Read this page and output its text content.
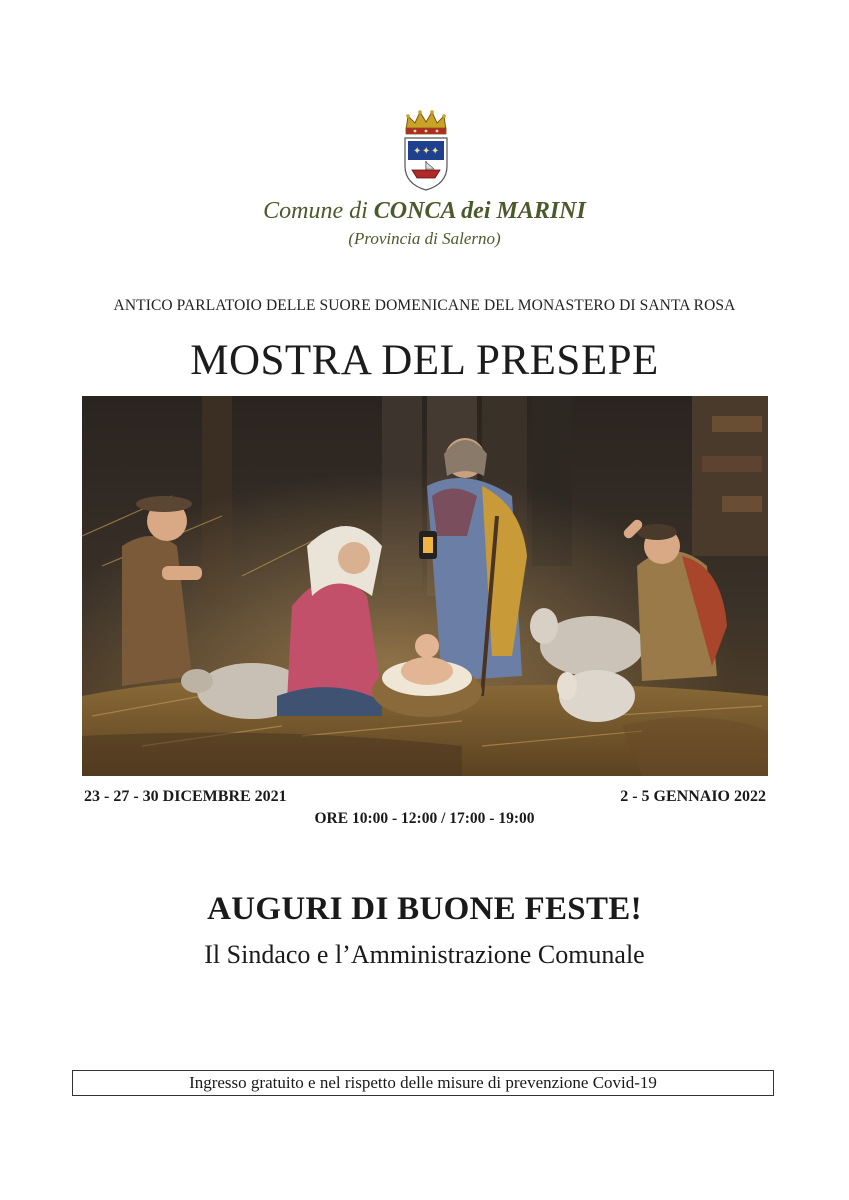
✦ ✦ ✦
Comune di CONCA dei MARINI
(Provincia di Salerno)
ANTICO PARLATOIO DELLE SUORE DOMENICANE DEL MONASTERO DI SANTA ROSA
MOSTRA DEL PRESEPE
23 - 27 - 30 DICEMBRE 2021	2 - 5 GENNAIO 2022
ORE 10:00 - 12:00 / 17:00 - 19:00
AUGURI DI BUONE FESTE!
Il Sindaco e l’Amministrazione Comunale
Ingresso gratuito e nel rispetto delle misure di prevenzione Covid-19
